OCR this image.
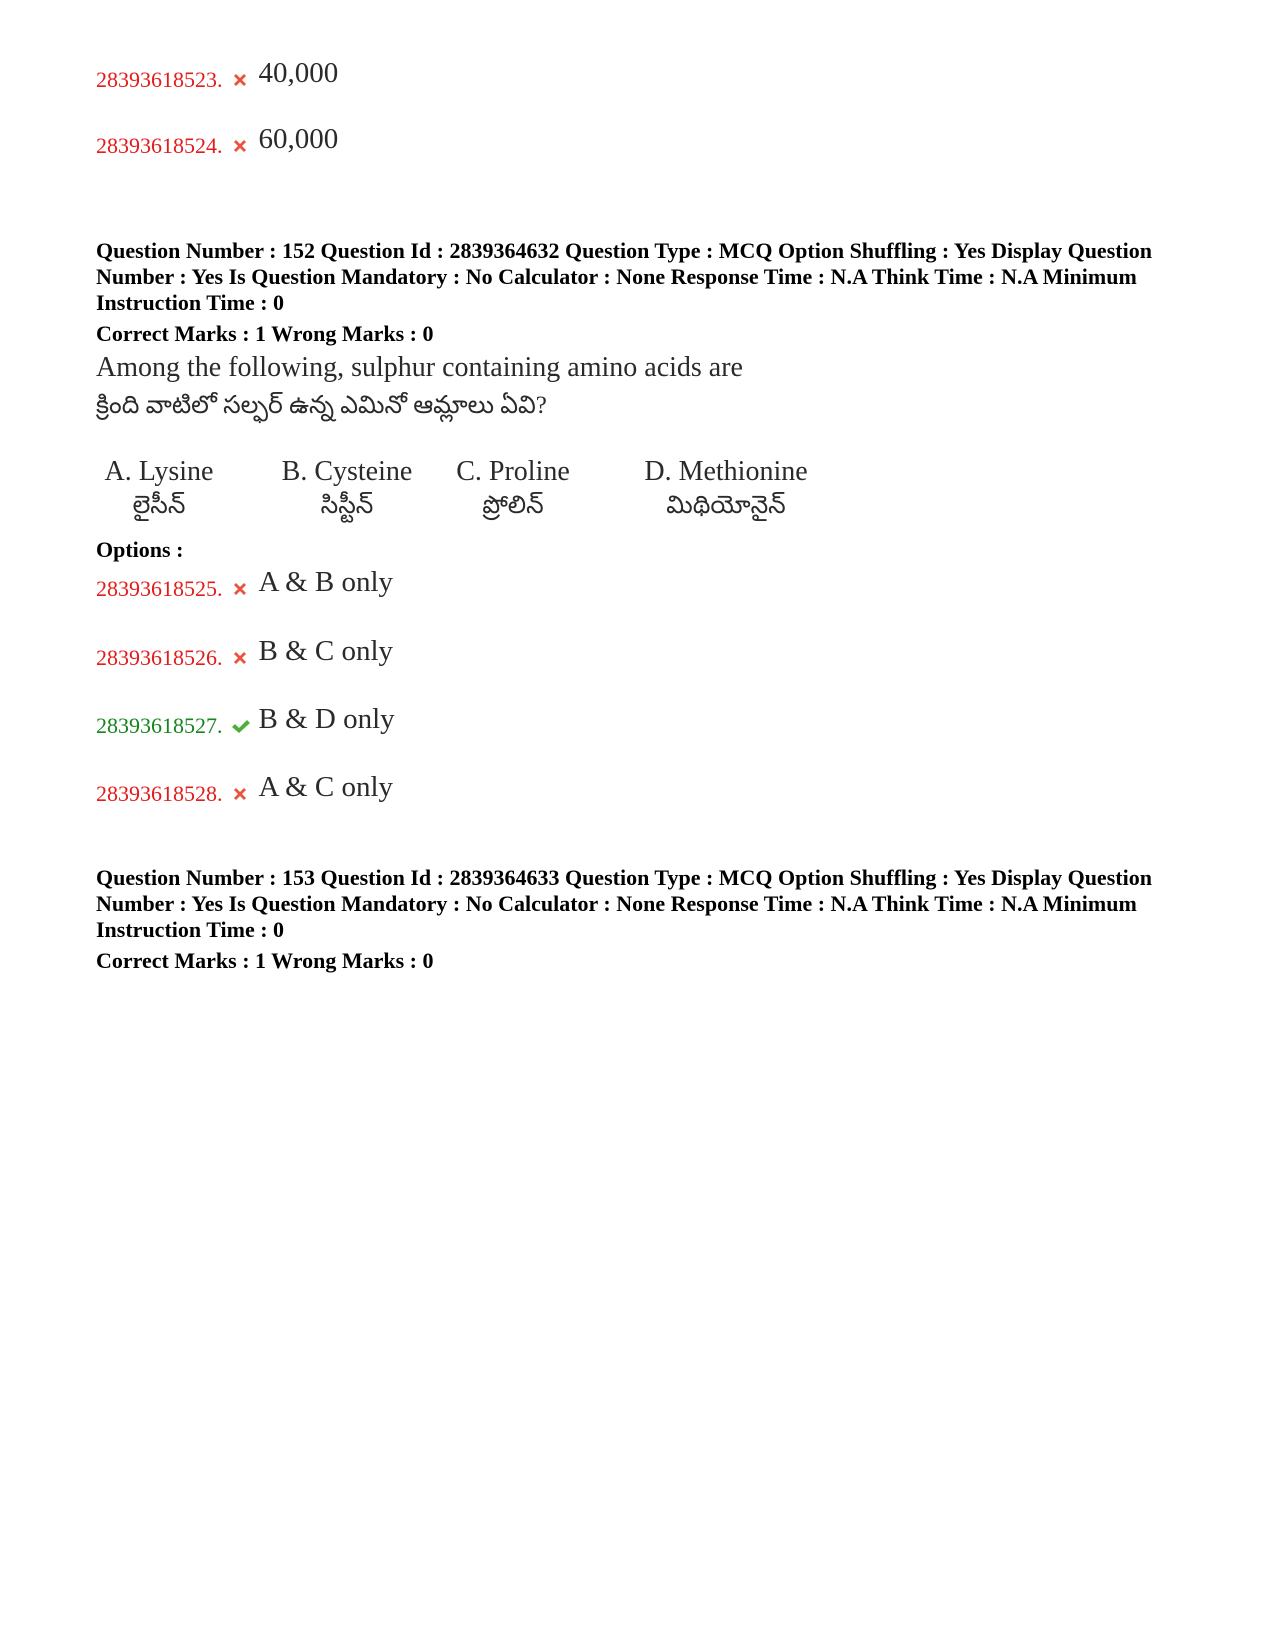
28393618523. 40,000
28393618524. 60,000
Question Number : 152 Question Id : 2839364632 Question Type : MCQ Option Shuffling : Yes Display Question Number : Yes Is Question Mandatory : No Calculator : None Response Time : N.A Think Time : N.A Minimum Instruction Time : 0
Correct Marks : 1 Wrong Marks : 0
Among the following, sulphur containing amino acids are
క్రింది వాటిలో సల్ఫర్ ఉన్న ఎమినో ఆమ్లాలు ఏవి?
A. Lysine
లైసీన్
B. Cysteine
సిస్టీన్
C. Proline
ప్రోలిన్
D. Methionine
మిథియోనైన్
Options :
28393618525. A & B only
28393618526. B & C only
28393618527. B & D only
28393618528. A & C only
Question Number : 153 Question Id : 2839364633 Question Type : MCQ Option Shuffling : Yes Display Question Number : Yes Is Question Mandatory : No Calculator : None Response Time : N.A Think Time : N.A Minimum Instruction Time : 0
Correct Marks : 1 Wrong Marks : 0
